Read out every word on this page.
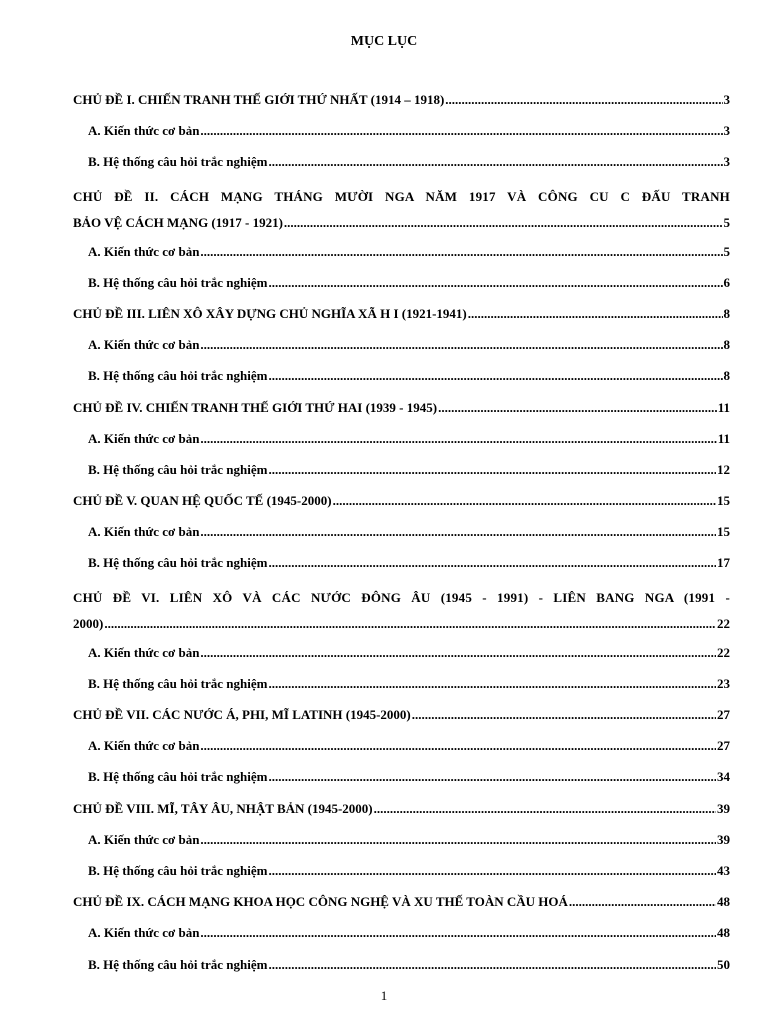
MỤC LỤC
CHỦ ĐỀ I. CHIẾN TRANH THẾ GIỚI THỨ NHẤT (1914 – 1918) .....	3
A. Kiến thức cơ bản .....	3
B. Hệ thống câu hỏi trắc nghiệm .....	3
CHỦ ĐỀ II. CÁCH MẠNG THÁNG MƯỜI NGA NĂM 1917 VÀ CÔNG CU C ĐẤU TRANH
BẢO VỆ CÁCH MẠNG (1917 - 1921) .....	5
A. Kiến thức cơ bản .....	5
B. Hệ thống câu hỏi trắc nghiệm .....	6
CHỦ ĐỀ III. LIÊN XÔ XÂY DỰNG CHỦ NGHĨA XÃ H I (1921-1941) .....	8
A. Kiến thức cơ bản .....	8
B. Hệ thống câu hỏi trắc nghiệm .....	8
CHỦ ĐỀ IV. CHIẾN TRANH THẾ GIỚI THỨ HAI (1939 - 1945) .....	11
A. Kiến thức cơ bản .....	11
B. Hệ thống câu hỏi trắc nghiệm .....	12
CHỦ ĐỀ V. QUAN HỆ QUỐC TẾ (1945-2000) .....	15
A. Kiến thức cơ bản .....	15
B. Hệ thống câu hỏi trắc nghiệm .....	17
CHỦ ĐỀ VI. LIÊN XÔ VÀ CÁC NƯỚC ĐÔNG ÂU (1945 - 1991) - LIÊN BANG NGA (1991 -
2000) .....	22
A. Kiến thức cơ bản .....	22
B. Hệ thống câu hỏi trắc nghiệm .....	23
CHỦ ĐỀ VII. CÁC NƯỚC Á, PHI, MĨ LATINH (1945-2000) .....	27
A. Kiến thức cơ bản .....	27
B. Hệ thống câu hỏi trắc nghiệm .....	34
CHỦ ĐỀ VIII. MĨ, TÂY ÂU, NHẬT BẢN (1945-2000) .....	39
A. Kiến thức cơ bản .....	39
B. Hệ thống câu hỏi trắc nghiệm .....	43
CHỦ ĐỀ IX. CÁCH MẠNG KHOA HỌC CÔNG NGHỆ VÀ XU THẾ TOÀN CẦU HOÁ .....	48
A. Kiến thức cơ bản .....	48
B. Hệ thống câu hỏi trắc nghiệm .....	50
1
